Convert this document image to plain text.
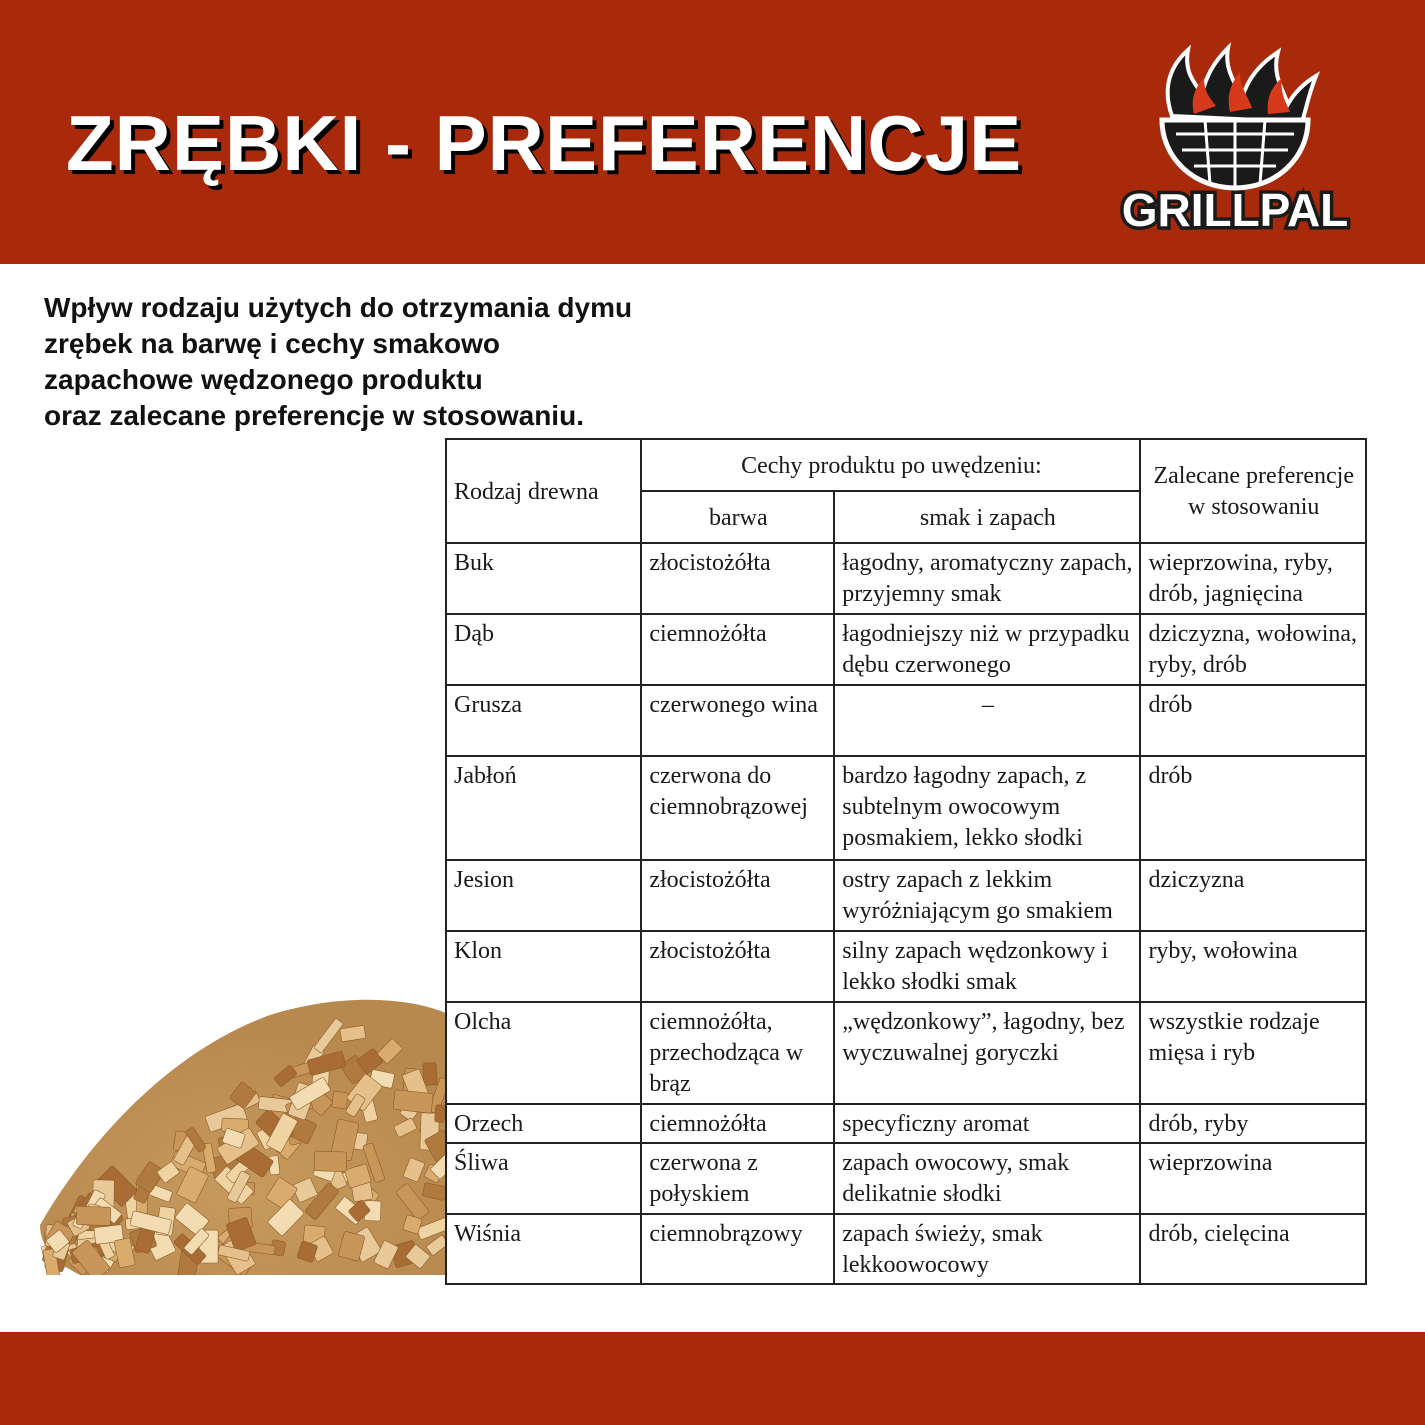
ZRĘBKI - PREFERENCJE
GRILLPAL
Wpływ rodzaju użytych do otrzymania dymu
zrębek na barwę i cechy smakowo
zapachowe wędzonego produktu
oraz zalecane preferencje w stosowaniu.
Rodzaj drewna	Cechy produktu po uwędzeniu:		Zalecane preferencje w stosowaniu
	barwa	smak i zapach	
Buk	złocistożółta	łagodny, aromatyczny zapach, przyjemny smak	wieprzowina, ryby, drób, jagnięcina
Dąb	ciemnożółta	łagodniejszy niż w przypadku dębu czerwonego	dziczyzna, wołowina, ryby, drób
Grusza	czerwonego wina	–	drób
Jabłoń	czerwona do ciemnobrązowej	bardzo łagodny zapach, z subtelnym owocowym posmakiem, lekko słodki	drób
Jesion	złocistożółta	ostry zapach z lekkim wyróżniającym go smakiem	dziczyzna
Klon	złocistożółta	silny zapach wędzonkowy i lekko słodki smak	ryby, wołowina
Olcha	ciemnożółta, przechodząca w brąz	„wędzonkowy”, łagodny, bez wyczuwalnej goryczki	wszystkie rodzaje mięsa i ryb
Orzech	ciemnożółta	specyficzny aromat	drób, ryby
Śliwa	czerwona z połyskiem	zapach owocowy, smak delikatnie słodki	wieprzowina
Wiśnia	ciemnobrązowy	zapach świeży, smak lekkoowocowy	drób, cielęcina
